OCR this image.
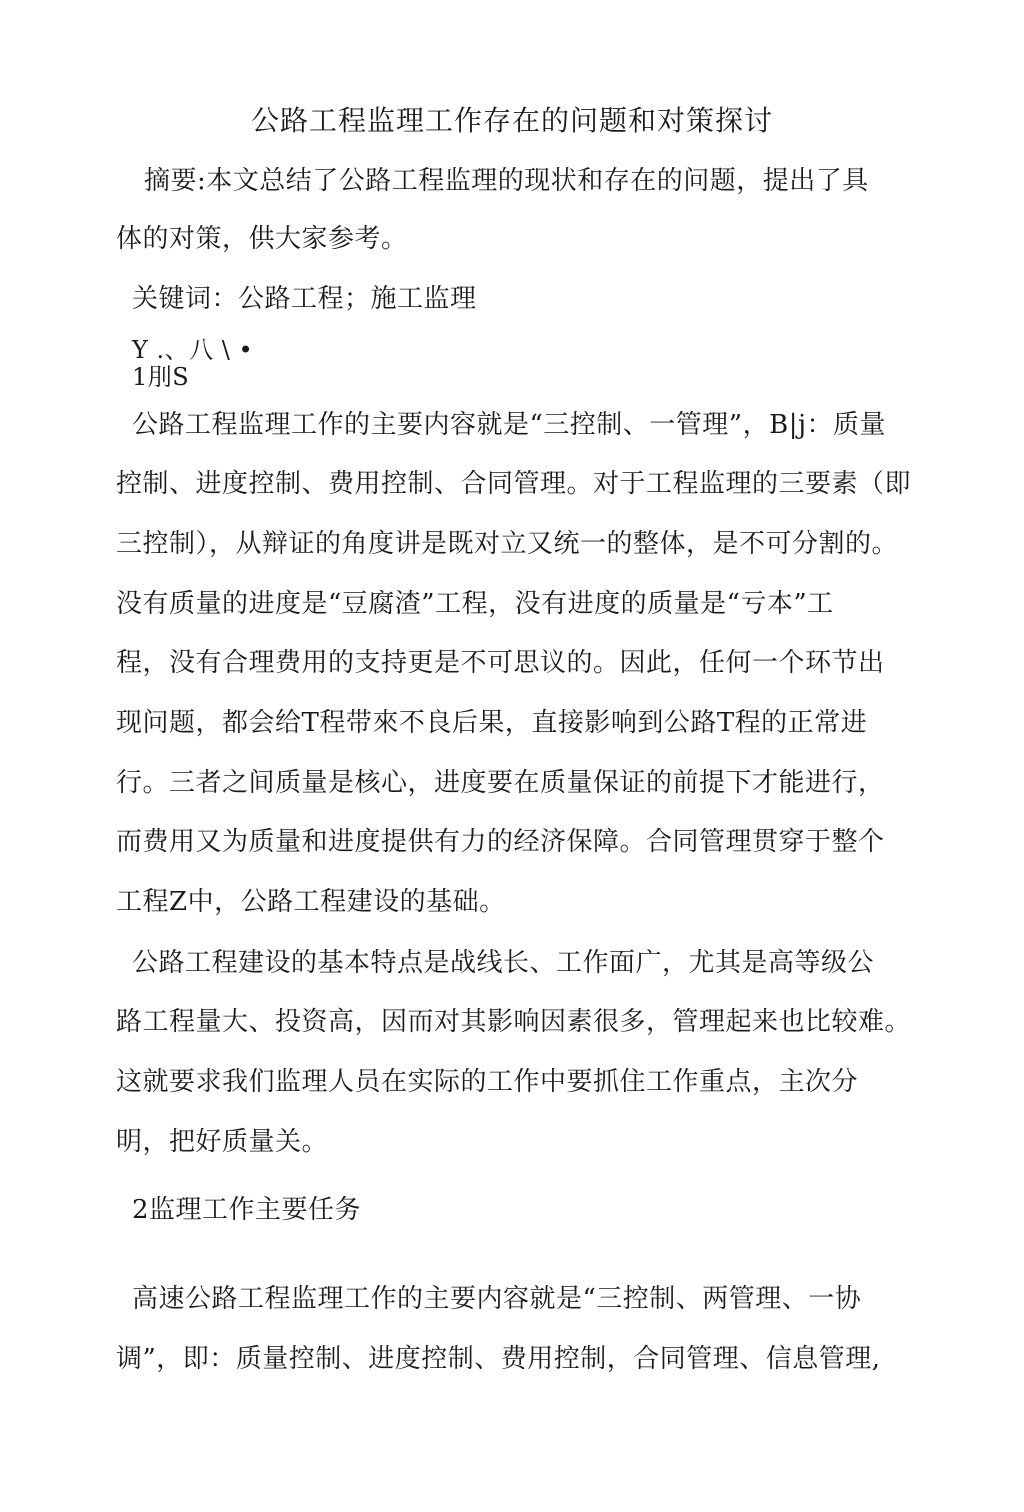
公路工程监理工作存在的问题和对策探讨
摘要:本文总结了公路工程监理的现状和存在的问题，提出了具
体的对策，供大家参考。
关键词：公路工程；施工监理
Y .、八 \ •
1刖S
公路工程监理工作的主要内容就是“三控制、一管理”，B|j：质量
控制、进度控制、费用控制、合同管理。对于工程监理的三要素（即
三控制），从辩证的角度讲是既对立又统一的整体，是不可分割的。
没有质量的进度是“豆腐渣”工程，没有进度的质量是“亏本”工
程，没有合理费用的支持更是不可思议的。因此，任何一个环节出
现问题，都会给T程带來不良后果，直接影响到公路T程的正常进
行。三者之间质量是核心，进度要在质量保证的前提下才能进行，
而费用又为质量和进度提供有力的经济保障。合同管理贯穿于整个
工程Z中，公路工程建设的基础。
公路工程建设的基本特点是战线长、工作面广，尤其是高等级公
路工程量大、投资高，因而对其影响因素很多，管理起来也比较难。
这就要求我们监理人员在实际的工作中要抓住工作重点，主次分
明，把好质量关。
2监理工作主要任务
高速公路工程监理工作的主要内容就是“三控制、两管理、一协
调”，即：质量控制、进度控制、费用控制，合同管理、信息管理,
